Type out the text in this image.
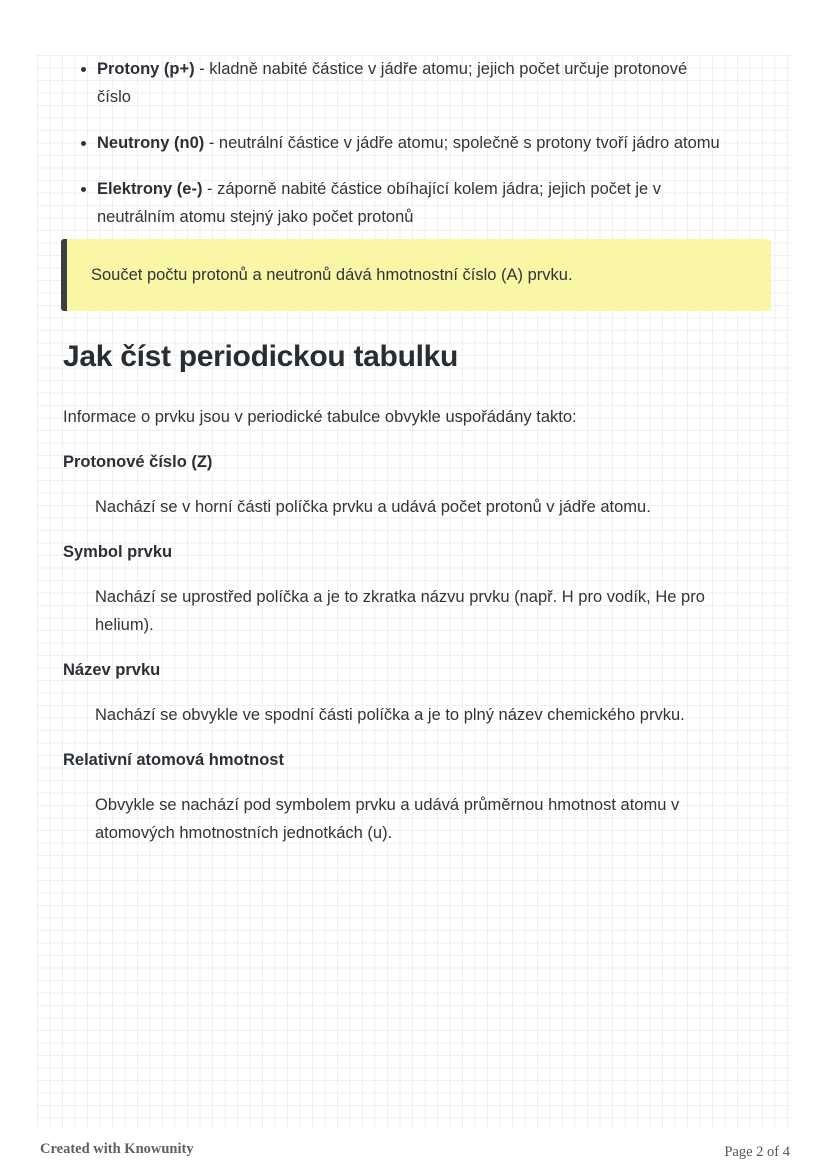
• Protony (p+) - kladně nabité částice v jádře atomu; jejich počet určuje protonové
číslo
• Neutrony (n0) - neutrální částice v jádře atomu; společně s protony tvoří jádro atomu
• Elektrony (e-) - záporně nabité částice obíhající kolem jádra; jejich počet je v
neutrálním atomu stejný jako počet protonů

Součet počtu protonů a neutronů dává hmotnostní číslo (A) prvku.

Jak číst periodickou tabulku

Informace o prvku jsou v periodické tabulce obvykle uspořádány takto:

Protonové číslo (Z)

Nachází se v horní části políčka prvku a udává počet protonů v jádře atomu.

Symbol prvku

Nachází se uprostřed políčka a je to zkratka názvu prvku (např. H pro vodík, He pro
helium).

Název prvku

Nachází se obvykle ve spodní části políčka a je to plný název chemického prvku.

Relativní atomová hmotnost

Obvykle se nachází pod symbolem prvku a udává průměrnou hmotnost atomu v
atomových hmotnostních jednotkách (u).

Created with Knowunity	Page 2 of 4
